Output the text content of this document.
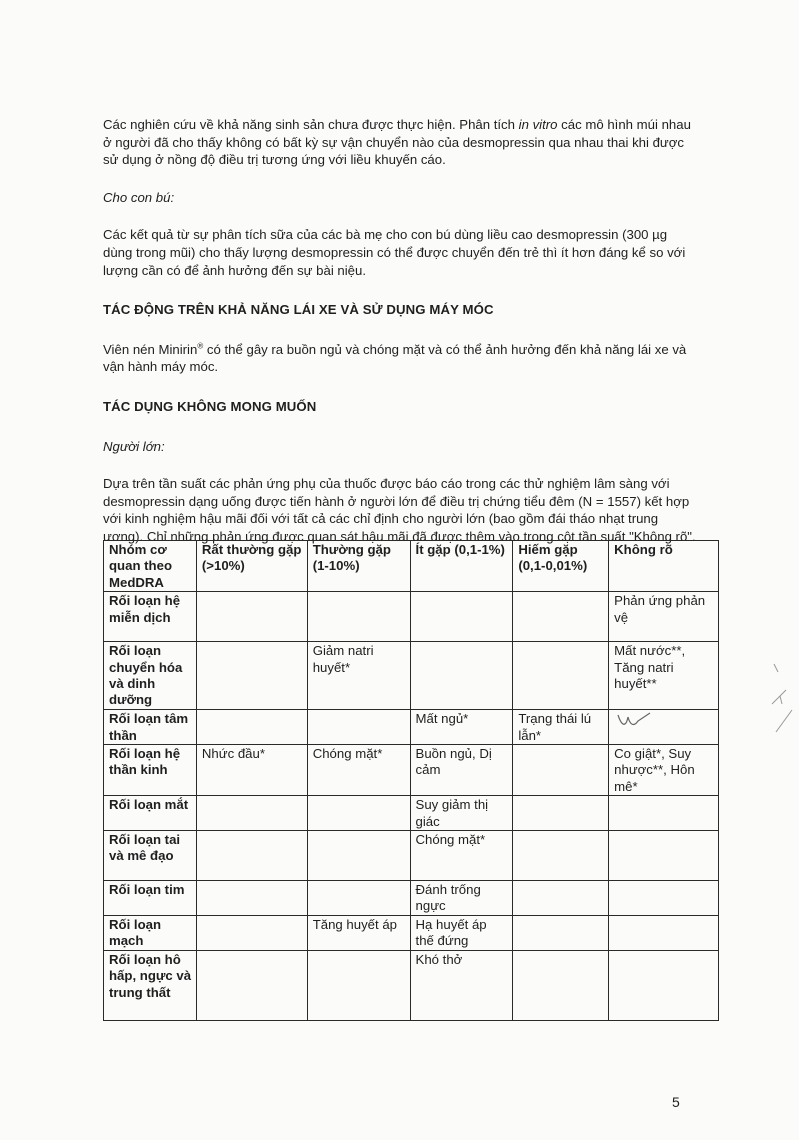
Các nghiên cứu về khả năng sinh sản chưa được thực hiện. Phân tích in vitro các mô hình múi nhau ở người đã cho thấy không có bất kỳ sự vận chuyển nào của desmopressin qua nhau thai khi được sử dụng ở nồng độ điều trị tương ứng với liều khuyến cáo.

Cho con bú:

Các kết quả từ sự phân tích sữa của các bà mẹ cho con bú dùng liều cao desmopressin (300 µg dùng trong mũi) cho thấy lượng desmopressin có thể được chuyển đến trẻ thì ít hơn đáng kể so với lượng cần có để ảnh hưởng đến sự bài niệu.

TÁC ĐỘNG TRÊN KHẢ NĂNG LÁI XE VÀ SỬ DỤNG MÁY MÓC

Viên nén Minirin® có thể gây ra buồn ngủ và chóng mặt và có thể ảnh hưởng đến khả năng lái xe và vận hành máy móc.

TÁC DỤNG KHÔNG MONG MUỐN

Người lớn:

Dựa trên tần suất các phản ứng phụ của thuốc được báo cáo trong các thử nghiệm lâm sàng với desmopressin dạng uống được tiến hành ở người lớn để điều trị chứng tiểu đêm (N = 1557) kết hợp với kinh nghiệm hậu mãi đối với tất cả các chỉ định cho người lớn (bao gồm đái tháo nhạt trung ương). Chỉ những phản ứng được quan sát hậu mãi đã được thêm vào trong cột tần suất "Không rõ".

Nhóm cơ quan theo MedDRA	Rất thường gặp (>10%)	Thường gặp (1-10%)	Ít gặp (0,1-1%)	Hiếm gặp (0,1-0,01%)	Không rõ
Rối loạn hệ miễn dịch					Phản ứng phản vệ
Rối loạn chuyển hóa và dinh dưỡng		Giảm natri huyết*			Mất nước**, Tăng natri huyết**
Rối loạn tâm thần			Mất ngủ*	Trạng thái lú lẫn*	

Rối loạn hệ thần kinh	Nhức đầu*	Chóng mặt*	Buồn ngủ, Dị cảm		Co giật*, Suy nhược**, Hôn mê*
Rối loạn mắt			Suy giảm thị giác		
Rối loạn tai và mê đạo			Chóng mặt*		
Rối loạn tim			Đánh trống ngực		
Rối loạn mạch		Tăng huyết áp	Hạ huyết áp thế đứng		
Rối loạn hô hấp, ngực và trung thất			Khó thở		
5
